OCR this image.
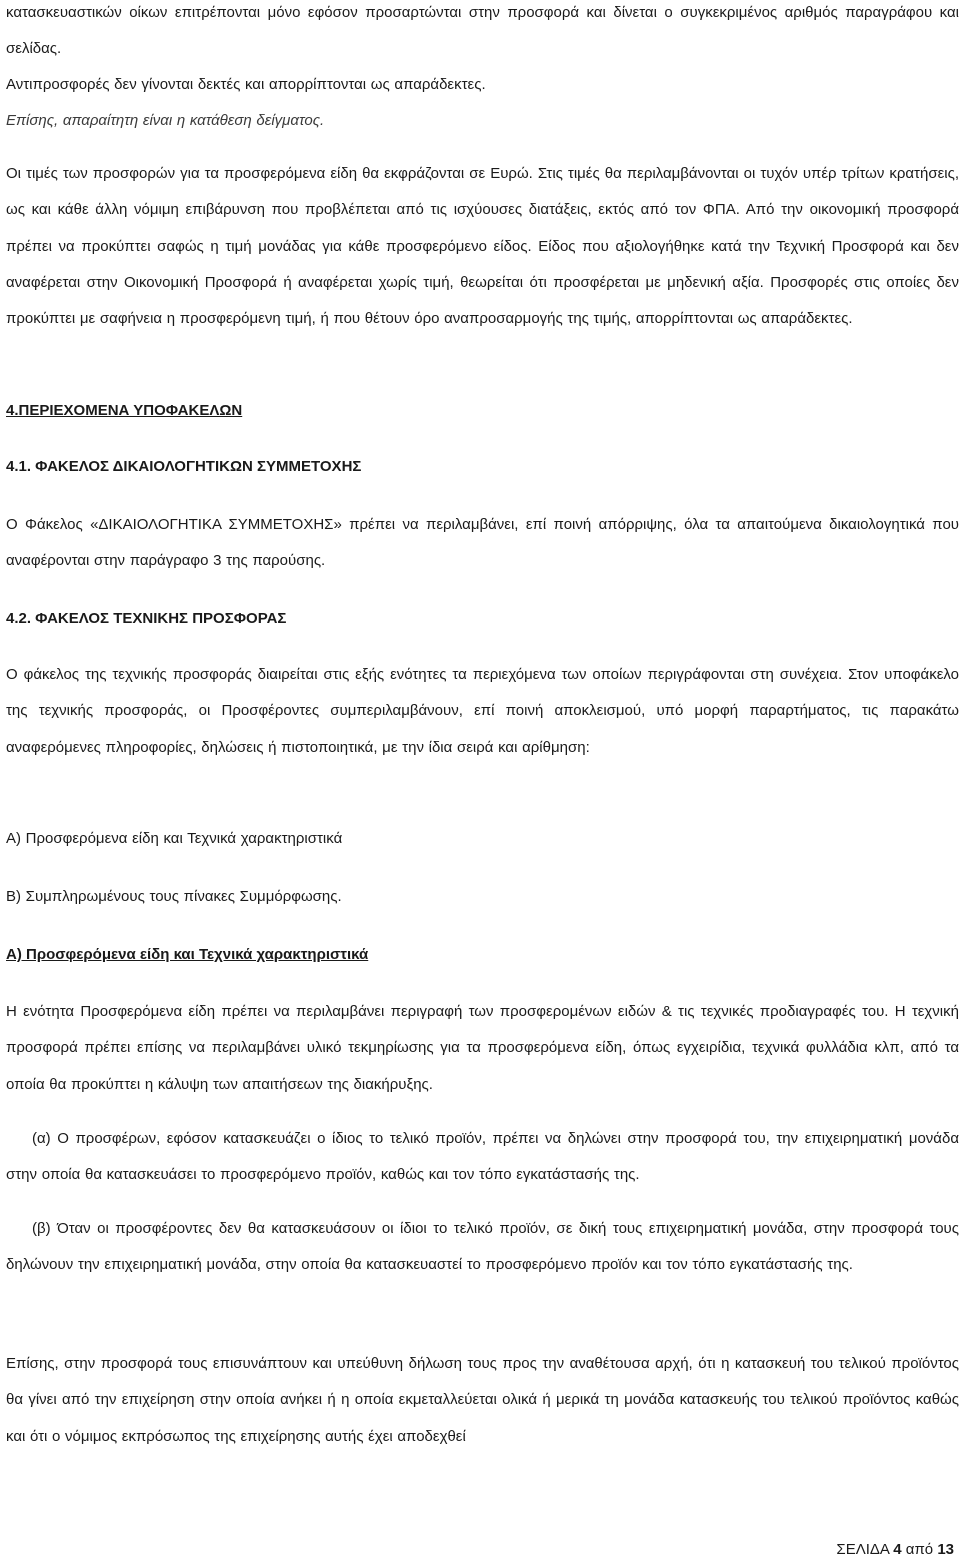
κατασκευαστικών οίκων επιτρέπονται μόνο εφόσον προσαρτώνται στην προσφορά και δίνεται ο συγκεκριμένος αριθμός παραγράφου και σελίδας.

Αντιπροσφορές δεν γίνονται δεκτές και απορρίπτονται ως απαράδεκτες.

Επίσης, απαραίτητη είναι η κατάθεση δείγματος.

Οι τιμές των προσφορών για τα προσφερόμενα είδη θα εκφράζονται σε Ευρώ. Στις τιμές θα περιλαμβάνονται οι τυχόν υπέρ τρίτων κρατήσεις, ως και κάθε άλλη νόμιμη επιβάρυνση που προβλέπεται από τις ισχύουσες διατάξεις, εκτός από τον ΦΠΑ. Από την οικονομική προσφορά πρέπει να προκύπτει σαφώς η τιμή μονάδας για κάθε προσφερόμενο είδος. Είδος που αξιολογήθηκε κατά την Τεχνική Προσφορά και δεν αναφέρεται στην Οικονομική Προσφορά ή αναφέρεται χωρίς τιμή, θεωρείται ότι προσφέρεται με μηδενική αξία. Προσφορές στις οποίες δεν προκύπτει με σαφήνεια η προσφερόμενη τιμή, ή που θέτουν όρο αναπροσαρμογής της τιμής, απορρίπτονται ως απαράδεκτες.

4.ΠΕΡΙΕΧΟΜΕΝΑ ΥΠΟΦΑΚΕΛΩΝ

4.1. ΦΑΚΕΛΟΣ ΔΙΚΑΙΟΛΟΓΗΤΙΚΩΝ ΣΥΜΜΕΤΟΧΗΣ

Ο Φάκελος «ΔΙΚΑΙΟΛΟΓΗΤΙΚΑ ΣΥΜΜΕΤΟΧΗΣ» πρέπει να περιλαμβάνει, επί ποινή απόρριψης, όλα τα απαιτούμενα δικαιολογητικά που αναφέρονται στην παράγραφο 3 της παρούσης.

4.2. ΦΑΚΕΛΟΣ ΤΕΧΝΙΚΗΣ ΠΡΟΣΦΟΡΑΣ

Ο φάκελος της τεχνικής προσφοράς διαιρείται στις εξής ενότητες τα περιεχόμενα των οποίων περιγράφονται στη συνέχεια. Στον υποφάκελο της τεχνικής προσφοράς, οι Προσφέροντες συμπεριλαμβάνουν, επί ποινή αποκλεισμού, υπό μορφή παραρτήματος, τις παρακάτω αναφερόμενες πληροφορίες, δηλώσεις ή πιστοποιητικά, με την ίδια σειρά και αρίθμηση:

Α) Προσφερόμενα είδη και Τεχνικά χαρακτηριστικά

Β) Συμπληρωμένους τους πίνακες Συμμόρφωσης.

Α) Προσφερόμενα είδη και Τεχνικά χαρακτηριστικά

Η ενότητα Προσφερόμενα είδη πρέπει να περιλαμβάνει περιγραφή των προσφερομένων ειδών & τις τεχνικές προδιαγραφές του. Η τεχνική προσφορά πρέπει επίσης να περιλαμβάνει υλικό τεκμηρίωσης για τα προσφερόμενα είδη, όπως εγχειρίδια, τεχνικά φυλλάδια κλπ, από τα οποία θα προκύπτει η κάλυψη των απαιτήσεων της διακήρυξης.

(α) Ο προσφέρων, εφόσον κατασκευάζει ο ίδιος το τελικό προϊόν, πρέπει να δηλώνει στην προσφορά του, την επιχειρηματική μονάδα στην οποία θα κατασκευάσει το προσφερόμενο προϊόν, καθώς και τον τόπο εγκατάστασής της.

(β) Όταν οι προσφέροντες δεν θα κατασκευάσουν οι ίδιοι το τελικό προϊόν, σε δική τους επιχειρηματική μονάδα, στην προσφορά τους δηλώνουν την επιχειρηματική μονάδα, στην οποία θα κατασκευαστεί το προσφερόμενο προϊόν και τον τόπο εγκατάστασής της.

Επίσης, στην προσφορά τους επισυνάπτουν και υπεύθυνη δήλωση τους προς την αναθέτουσα αρχή, ότι η κατασκευή του τελικού προϊόντος θα γίνει από την επιχείρηση στην οποία ανήκει ή η οποία εκμεταλλεύεται ολικά ή μερικά τη μονάδα κατασκευής του τελικού προϊόντος καθώς και ότι ο νόμιμος εκπρόσωπος της επιχείρησης αυτής έχει αποδεχθεί

ΣΕΛΙΔΑ 4 από 13
